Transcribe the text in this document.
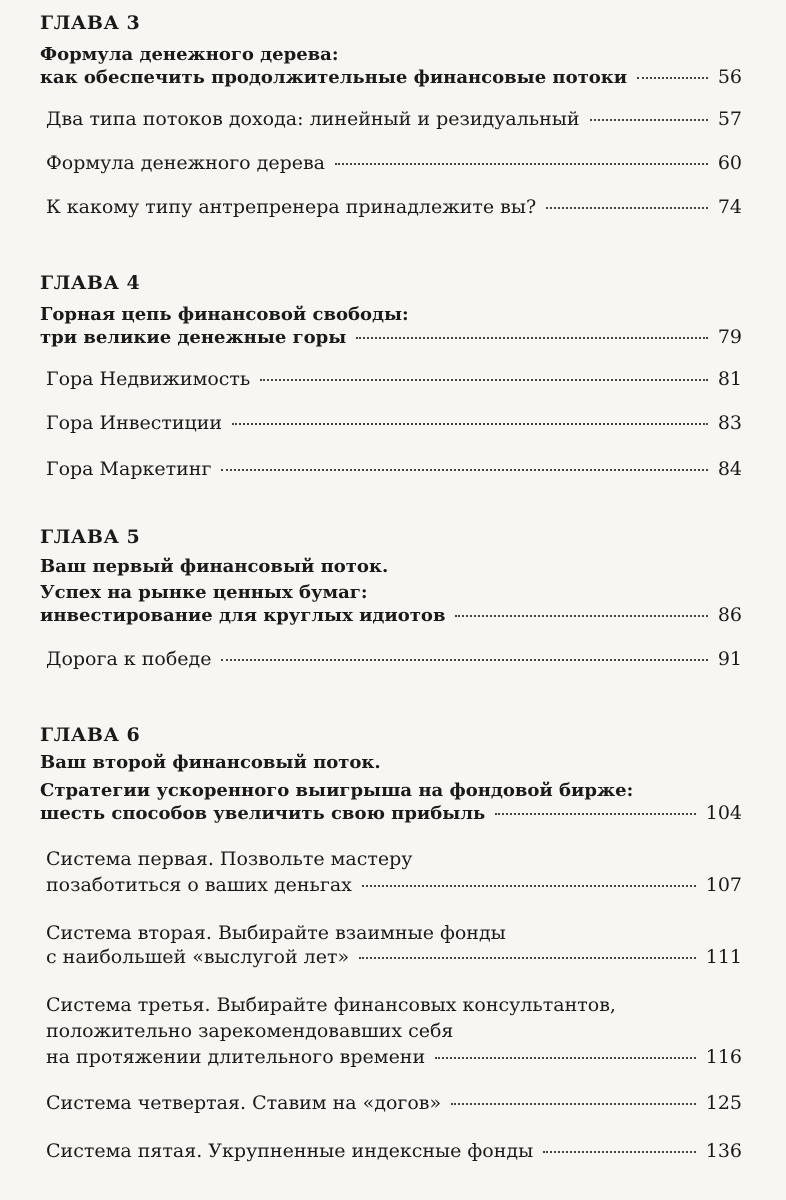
ГЛАВА 3
Формула денежного дерева:
как обеспечить продолжительные финансовые потоки	56
Два типа потоков дохода: линейный и резидуальный	57
Формула денежного дерева	60
К какому типу антрепренера принадлежите вы?	74
ГЛАВА 4
Горная цепь финансовой свободы:
три великие денежные горы	79
Гора Недвижимость	81
Гора Инвестиции	83
Гора Маркетинг	84
ГЛАВА 5
Ваш первый финансовый поток.
Успех на рынке ценных бумаг:
инвестирование для круглых идиотов	86
Дорога к победе	91
ГЛАВА 6
Ваш второй финансовый поток.
Стратегии ускоренного выигрыша на фондовой бирже:
шесть способов увеличить свою прибыль	104
Система первая. Позвольте мастеру
позаботиться о ваших деньгах	107
Система вторая. Выбирайте взаимные фонды
с наибольшей «выслугой лет»	111
Система третья. Выбирайте финансовых консультантов,
положительно зарекомендовавших себя
на протяжении длительного времени	116
Система четвертая. Ставим на «догов»	125
Система пятая. Укрупненные индексные фонды	136
